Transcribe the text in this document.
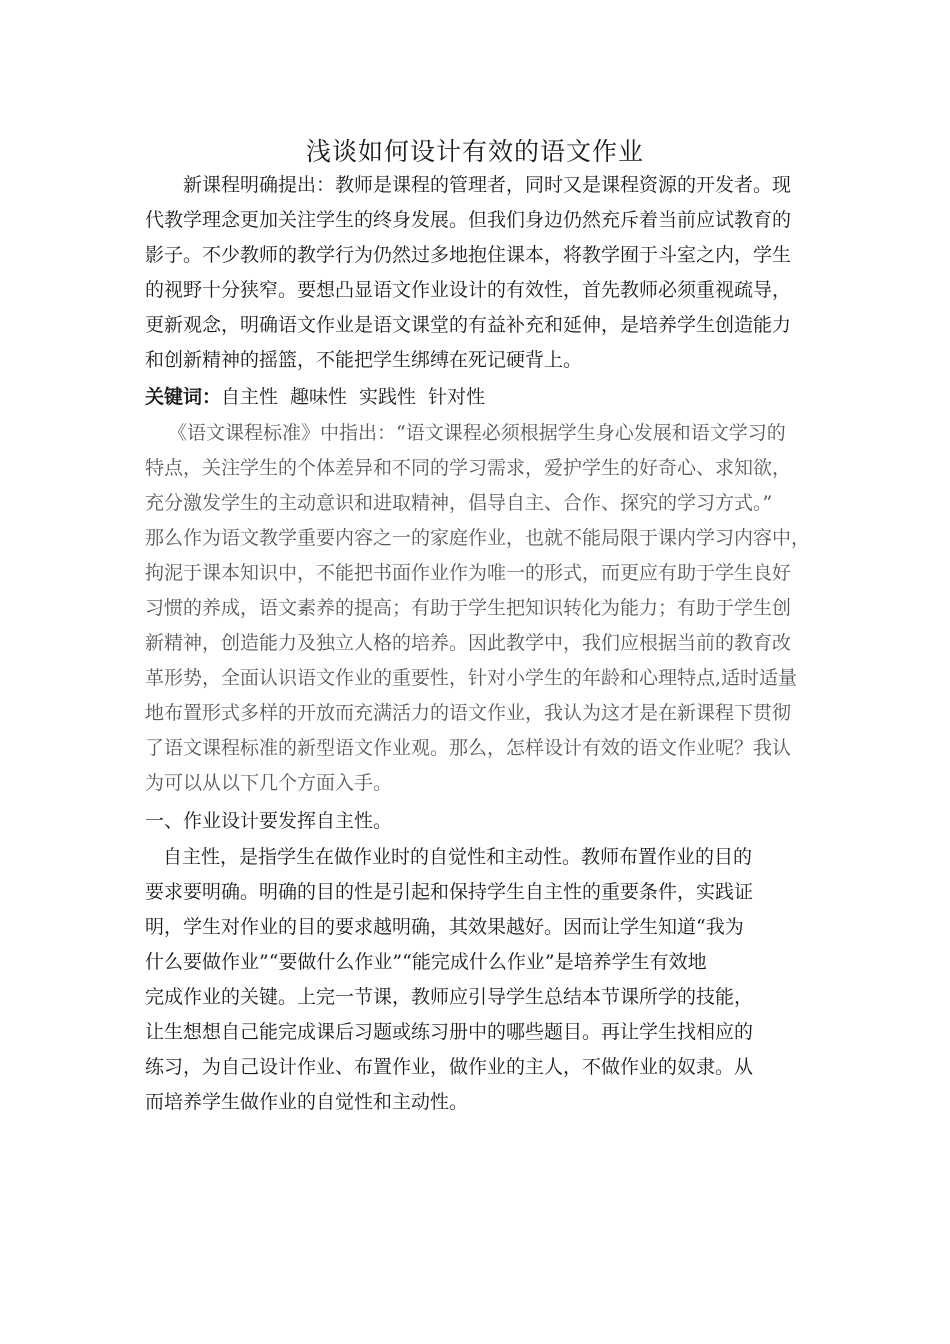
浅谈如何设计有效的语文作业
新课程明确提出：教师是课程的管理者，同时又是课程资源的开发者。现
代教学理念更加关注学生的终身发展。但我们身边仍然充斥着当前应试教育的
影子。不少教师的教学行为仍然过多地抱住课本，将教学囿于斗室之内，学生
的视野十分狭窄。要想凸显语文作业设计的有效性，首先教师必须重视疏导，
更新观念，明确语文作业是语文课堂的有益补充和延伸，是培养学生创造能力
和创新精神的摇篮，不能把学生绑缚在死记硬背上。
关键词：自主性 趣味性 实践性 针对性
《语文课程标准》中指出：“语文课程必须根据学生身心发展和语文学习的
特点，关注学生的个体差异和不同的学习需求，爱护学生的好奇心、求知欲，
充分激发学生的主动意识和进取精神，倡导自主、合作、探究的学习方式。”
那么作为语文教学重要内容之一的家庭作业，也就不能局限于课内学习内容中，
拘泥于课本知识中，不能把书面作业作为唯一的形式，而更应有助于学生良好
习惯的养成，语文素养的提高；有助于学生把知识转化为能力；有助于学生创
新精神，创造能力及独立人格的培养。因此教学中，我们应根据当前的教育改
革形势，全面认识语文作业的重要性，针对小学生的年龄和心理特点,适时适量
地布置形式多样的开放而充满活力的语文作业，我认为这才是在新课程下贯彻
了语文课程标准的新型语文作业观。那么，怎样设计有效的语文作业呢？我认
为可以从以下几个方面入手。
一、作业设计要发挥自主性。
自主性，是指学生在做作业时的自觉性和主动性。教师布置作业的目的
要求要明确。明确的目的性是引起和保持学生自主性的重要条件，实践证
明，学生对作业的目的要求越明确，其效果越好。因而让学生知道“我为
什么要做作业”“要做什么作业”“能完成什么作业”是培养学生有效地
完成作业的关键。上完一节课，教师应引导学生总结本节课所学的技能，
让生想想自己能完成课后习题或练习册中的哪些题目。再让学生找相应的
练习，为自己设计作业、布置作业，做作业的主人，不做作业的奴隶。从
而培养学生做作业的自觉性和主动性。
